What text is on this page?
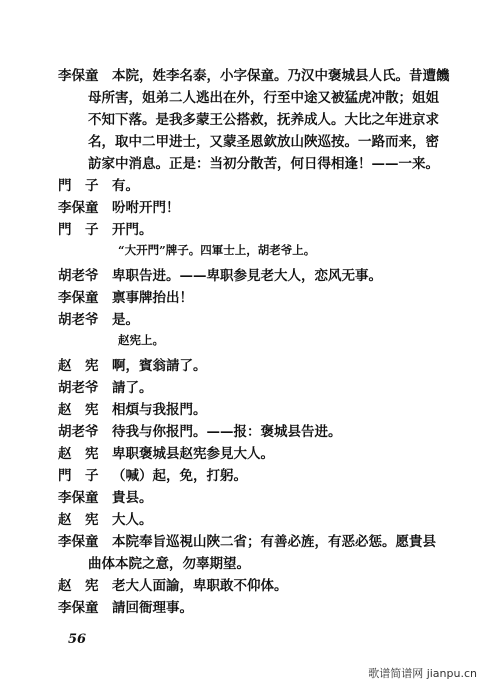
李保童 本院，姓李名泰，小字保童。乃汉中褒城县人氏。昔遭饑
母所害，姐弟二人逃出在外，行至中途又被猛虎冲散；姐姐
不知下落。是我多蒙王公搭救，抚养成人。大比之年进京求
名，取中二甲进士，又蒙圣恩欽放山陜巡按。一路而来，密
訪家中消息。正是：当初分散苦，何日得相逢！——一来。
門　子 有。
李保童 吩咐开門！
門　子 开門。
“大开門”牌子。四軍士上，胡老爷上。
胡老爷 卑职告进。——卑职参見老大人，恋风无事。
李保童 禀事牌抬出！
胡老爷 是。
赵宪上。
赵　宪 啊，賓翁請了。
胡老爷 請了。
赵　宪 相煩与我报門。
胡老爷 待我与你报門。——报：褒城县告进。
赵　宪 卑职褒城县赵宪参見大人。
門　子 （喊）起，免，打躬。
李保童 貴县。
赵　宪 大人。
李保童 本院奉旨巡視山陜二省；有善必旌，有恶必惩。愿貴县
曲体本院之意，勿辜期望。
赵　宪 老大人面諭，卑职敢不仰体。
李保童 請回衙理事。
56
歌谱简谱网 jianpu.cn
